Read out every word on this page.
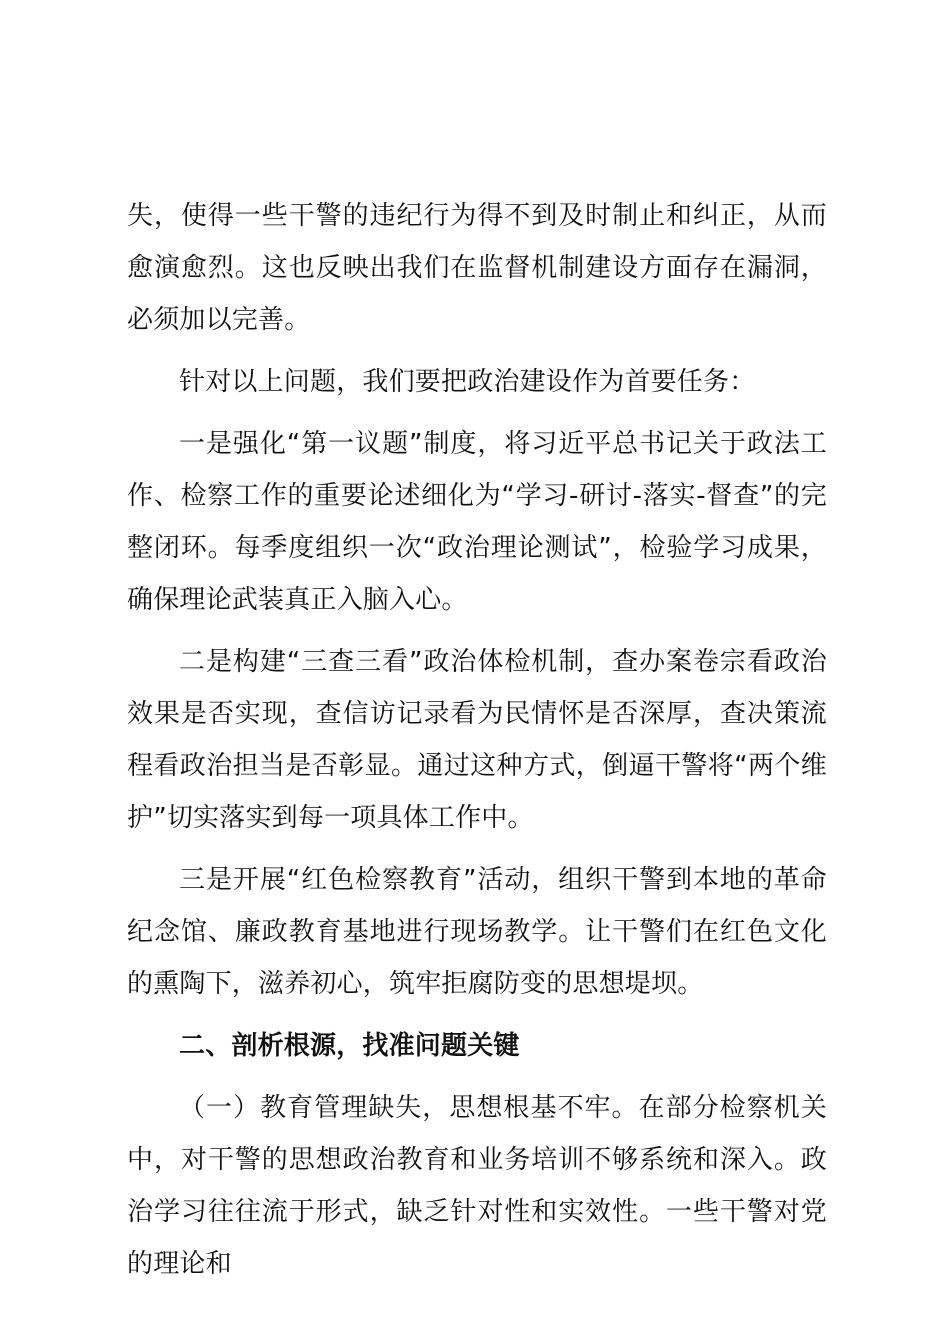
失，使得一些干警的违纪行为得不到及时制止和纠正，从而愈演愈烈。这也反映出我们在监督机制建设方面存在漏洞，必须加以完善。

针对以上问题，我们要把政治建设作为首要任务：

一是强化“第一议题”制度，将习近平总书记关于政法工作、检察工作的重要论述细化为“学习-研讨-落实-督查”的完整闭环。每季度组织一次“政治理论测试”，检验学习成果，确保理论武装真正入脑入心。

二是构建“三查三看”政治体检机制，查办案卷宗看政治效果是否实现，查信访记录看为民情怀是否深厚，查决策流程看政治担当是否彰显。通过这种方式，倒逼干警将“两个维护”切实落实到每一项具体工作中。

三是开展“红色检察教育”活动，组织干警到本地的革命纪念馆、廉政教育基地进行现场教学。让干警们在红色文化的熏陶下，滋养初心，筑牢拒腐防变的思想堤坝。

二、剖析根源，找准问题关键

（一）教育管理缺失，思想根基不牢。在部分检察机关中，对干警的思想政治教育和业务培训不够系统和深入。政治学习往往流于形式，缺乏针对性和实效性。一些干警对党的理论和
